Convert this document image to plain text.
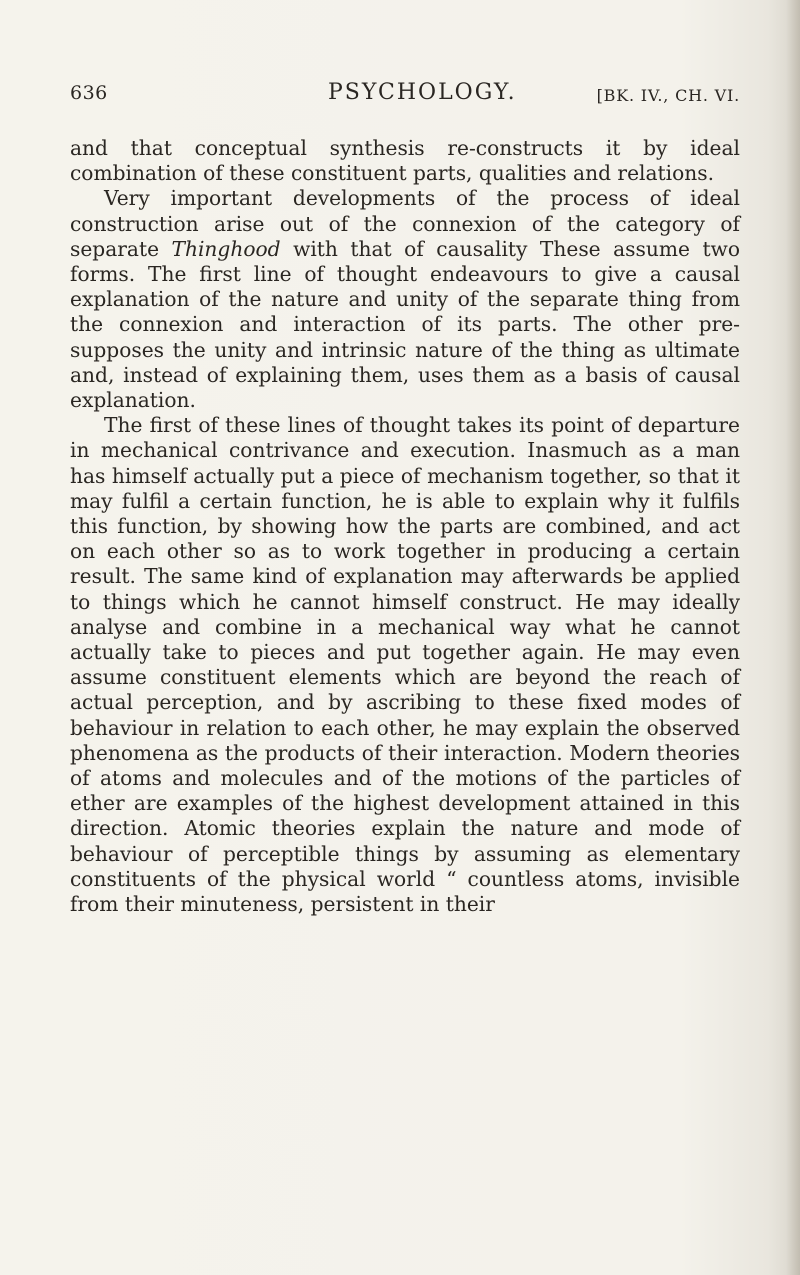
636	PSYCHOLOGY.	[BK. IV., CH. VI.

and that conceptual synthesis re-constructs it by ideal combination of these constituent parts, qualities and relations.

Very important developments of the process of ideal construction arise out of the connexion of the category of separate Thinghood with that of causality These assume two forms. The first line of thought endeavours to give a causal explanation of the nature and unity of the separate thing from the connexion and interaction of its parts. The other pre-supposes the unity and intrinsic nature of the thing as ultimate and, instead of explaining them, uses them as a basis of causal explanation.

The first of these lines of thought takes its point of departure in mechanical contrivance and execution. Inasmuch as a man has himself actually put a piece of mechanism together, so that it may fulfil a certain function, he is able to explain why it fulfils this function, by showing how the parts are combined, and act on each other so as to work together in producing a certain result. The same kind of explanation may afterwards be applied to things which he cannot himself construct. He may ideally analyse and combine in a mechanical way what he cannot actually take to pieces and put together again. He may even assume constituent elements which are beyond the reach of actual perception, and by ascribing to these fixed modes of behaviour in relation to each other, he may explain the observed phenomena as the products of their interaction. Modern theories of atoms and molecules and of the motions of the particles of ether are examples of the highest development attained in this direction. Atomic theories explain the nature and mode of behaviour of perceptible things by assuming as elementary constituents of the physical world “ countless atoms, invisible from their minuteness, persistent in their
